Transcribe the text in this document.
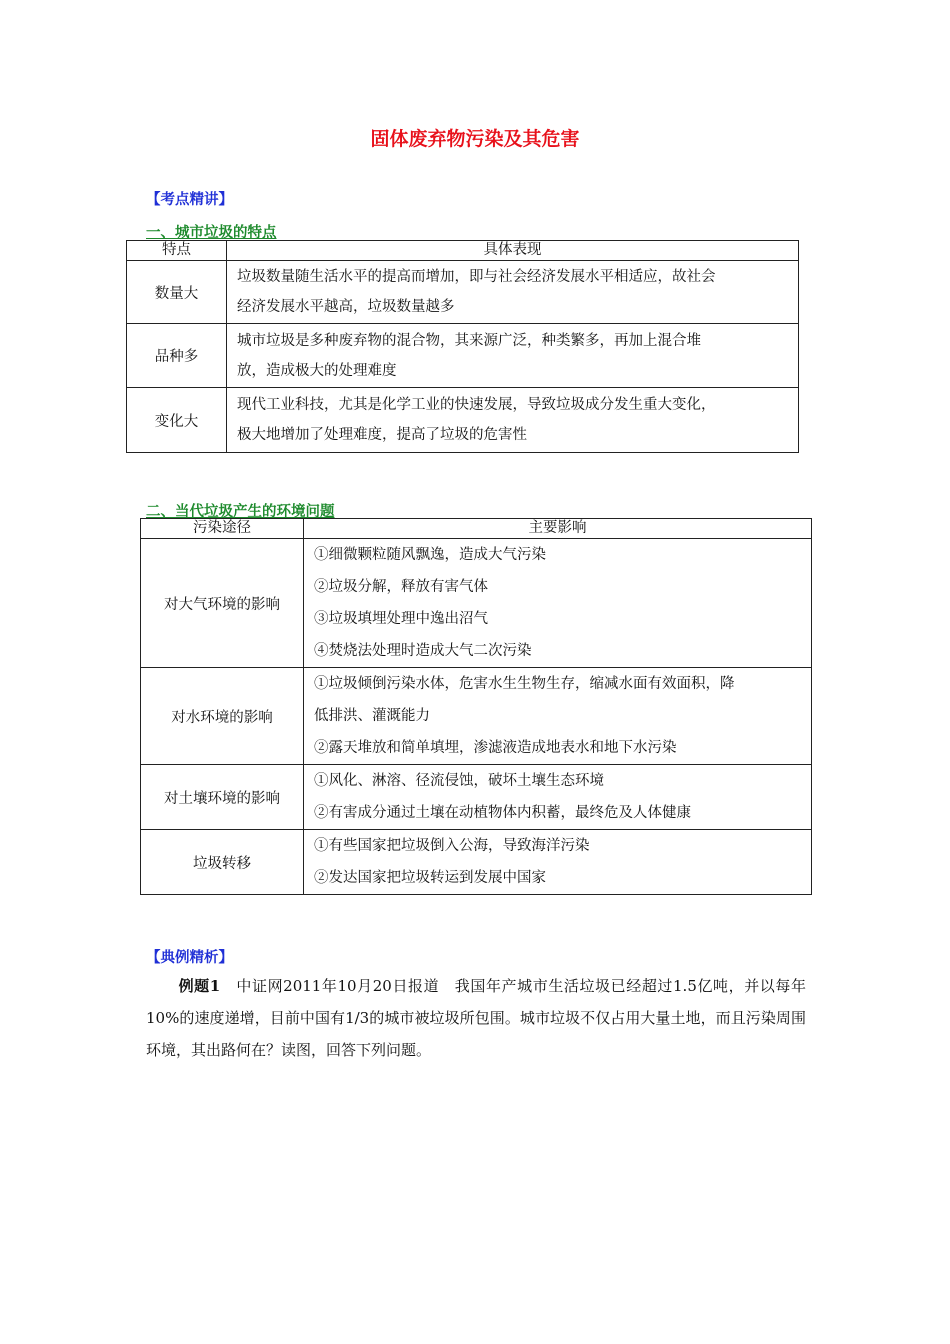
固体废弃物污染及其危害
【考点精讲】
一、城市垃圾的特点
特点	具体表现
数量大	垃圾数量随生活水平的提高而增加，即与社会经济发展水平相适应，故社会
经济发展水平越高，垃圾数量越多

品种多	城市垃圾是多种废弃物的混合物，其来源广泛，种类繁多，再加上混合堆
放，造成极大的处理难度

变化大	现代工业科技，尤其是化学工业的快速发展，导致垃圾成分发生重大变化，
极大地增加了处理难度，提高了垃圾的危害性
二、当代垃圾产生的环境问题
污染途径	主要影响
对大气环境的影响	①细微颗粒随风飘逸，造成大气污染
②垃圾分解，释放有害气体
③垃圾填埋处理中逸出沼气
④焚烧法处理时造成大气二次污染

对水环境的影响	①垃圾倾倒污染水体，危害水生生物生存，缩减水面有效面积，降
低排洪、灌溉能力
②露天堆放和简单填埋，渗滤液造成地表水和地下水污染

对土壤环境的影响	①风化、淋溶、径流侵蚀，破坏土壤生态环境
②有害成分通过土壤在动植物体内积蓄，最终危及人体健康

垃圾转移	①有些国家把垃圾倒入公海，导致海洋污染
②发达国家把垃圾转运到发展中国家
【典例精析】
例题1　 中证网2011年10月20日报道　我国年产城市生活垃圾已经超过1.5亿吨，并以每年10%的速度递增，目前中国有1/3的城市被垃圾所包围。城市垃圾不仅占用大量土地，而且污染周围环境，其出路何在？读图，回答下列问题。
